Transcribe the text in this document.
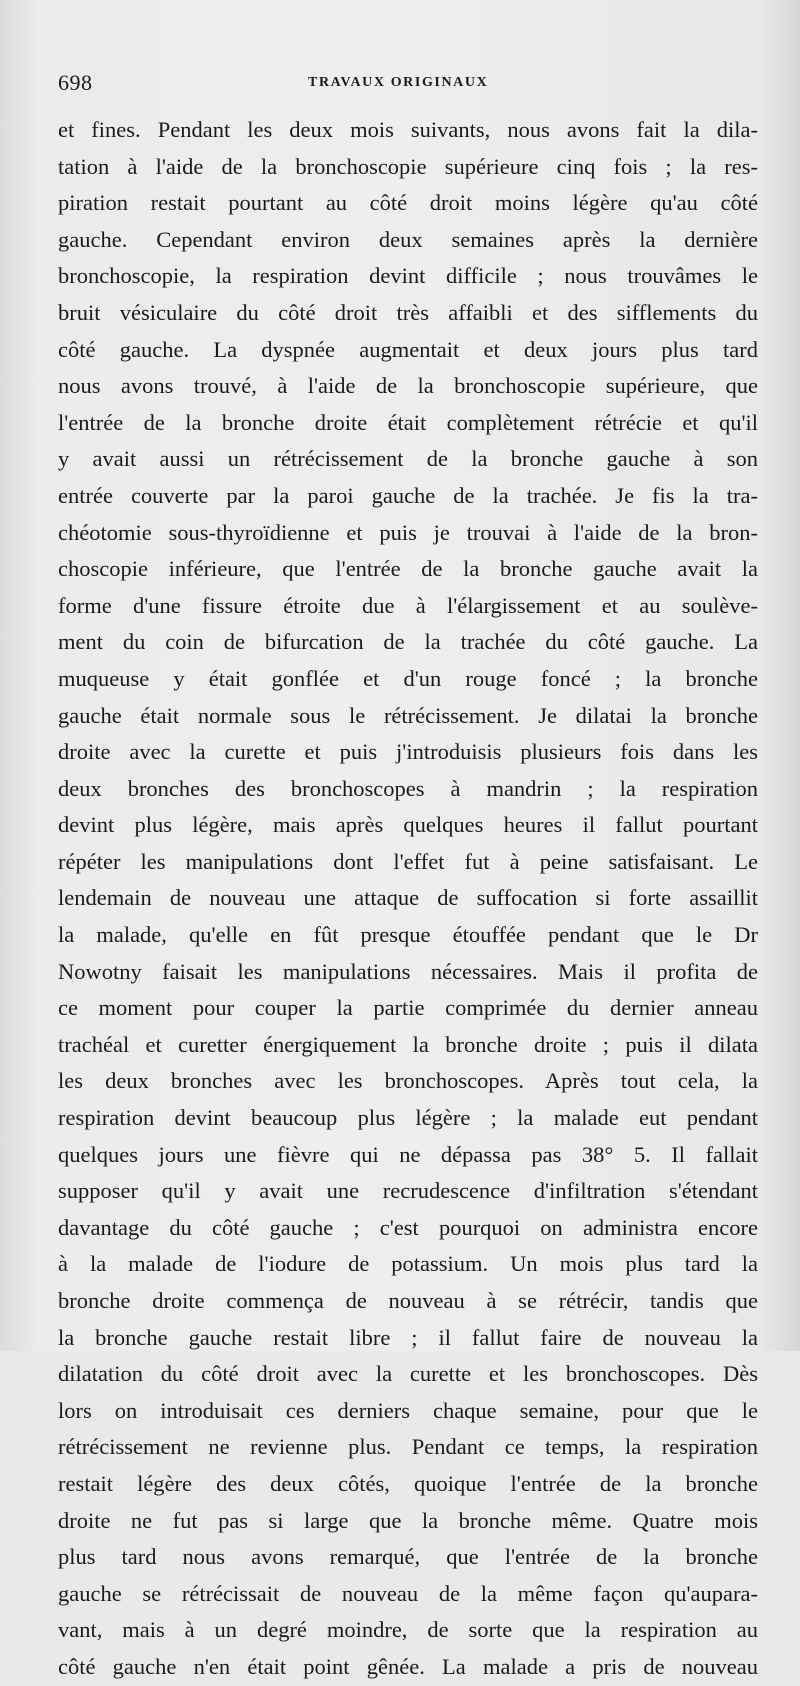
698	TRAVAUX ORIGINAUX
et fines. Pendant les deux mois suivants, nous avons fait la dila-
tation à l'aide de la bronchoscopie supérieure cinq fois ; la res-
piration restait pourtant au côté droit moins légère qu'au côté
gauche. Cependant environ deux semaines après la dernière
bronchoscopie, la respiration devint difficile ; nous trouvâmes le
bruit vésiculaire du côté droit très affaibli et des sifflements du
côté gauche. La dyspnée augmentait et deux jours plus tard
nous avons trouvé, à l'aide de la bronchoscopie supérieure, que
l'entrée de la bronche droite était complètement rétrécie et qu'il
y avait aussi un rétrécissement de la bronche gauche à son
entrée couverte par la paroi gauche de la trachée. Je fis la tra-
chéotomie sous-thyroïdienne et puis je trouvai à l'aide de la bron-
choscopie inférieure, que l'entrée de la bronche gauche avait la
forme d'une fissure étroite due à l'élargissement et au soulève-
ment du coin de bifurcation de la trachée du côté gauche. La
muqueuse y était gonflée et d'un rouge foncé ; la bronche
gauche était normale sous le rétrécissement. Je dilatai la bronche
droite avec la curette et puis j'introduisis plusieurs fois dans les
deux bronches des bronchoscopes à mandrin ; la respiration
devint plus légère, mais après quelques heures il fallut pourtant
répéter les manipulations dont l'effet fut à peine satisfaisant. Le
lendemain de nouveau une attaque de suffocation si forte assaillit
la malade, qu'elle en fût presque étouffée pendant que le Dr
Nowotny faisait les manipulations nécessaires. Mais il profita de
ce moment pour couper la partie comprimée du dernier anneau
trachéal et curetter énergiquement la bronche droite ; puis il dilata
les deux bronches avec les bronchoscopes. Après tout cela, la
respiration devint beaucoup plus légère ; la malade eut pendant
quelques jours une fièvre qui ne dépassa pas 38° 5. Il fallait
supposer qu'il y avait une recrudescence d'infiltration s'étendant
davantage du côté gauche ; c'est pourquoi on administra encore
à la malade de l'iodure de potassium. Un mois plus tard la
bronche droite commença de nouveau à se rétrécir, tandis que
la bronche gauche restait libre ; il fallut faire de nouveau la
dilatation du côté droit avec la curette et les bronchoscopes. Dès
lors on introduisait ces derniers chaque semaine, pour que le
rétrécissement ne revienne plus. Pendant ce temps, la respiration
restait légère des deux côtés, quoique l'entrée de la bronche
droite ne fut pas si large que la bronche même. Quatre mois
plus tard nous avons remarqué, que l'entrée de la bronche
gauche se rétrécissait de nouveau de la même façon qu'aupara-
vant, mais à un degré moindre, de sorte que la respiration au
côté gauche n'en était point gênée. La malade a pris de nouveau
